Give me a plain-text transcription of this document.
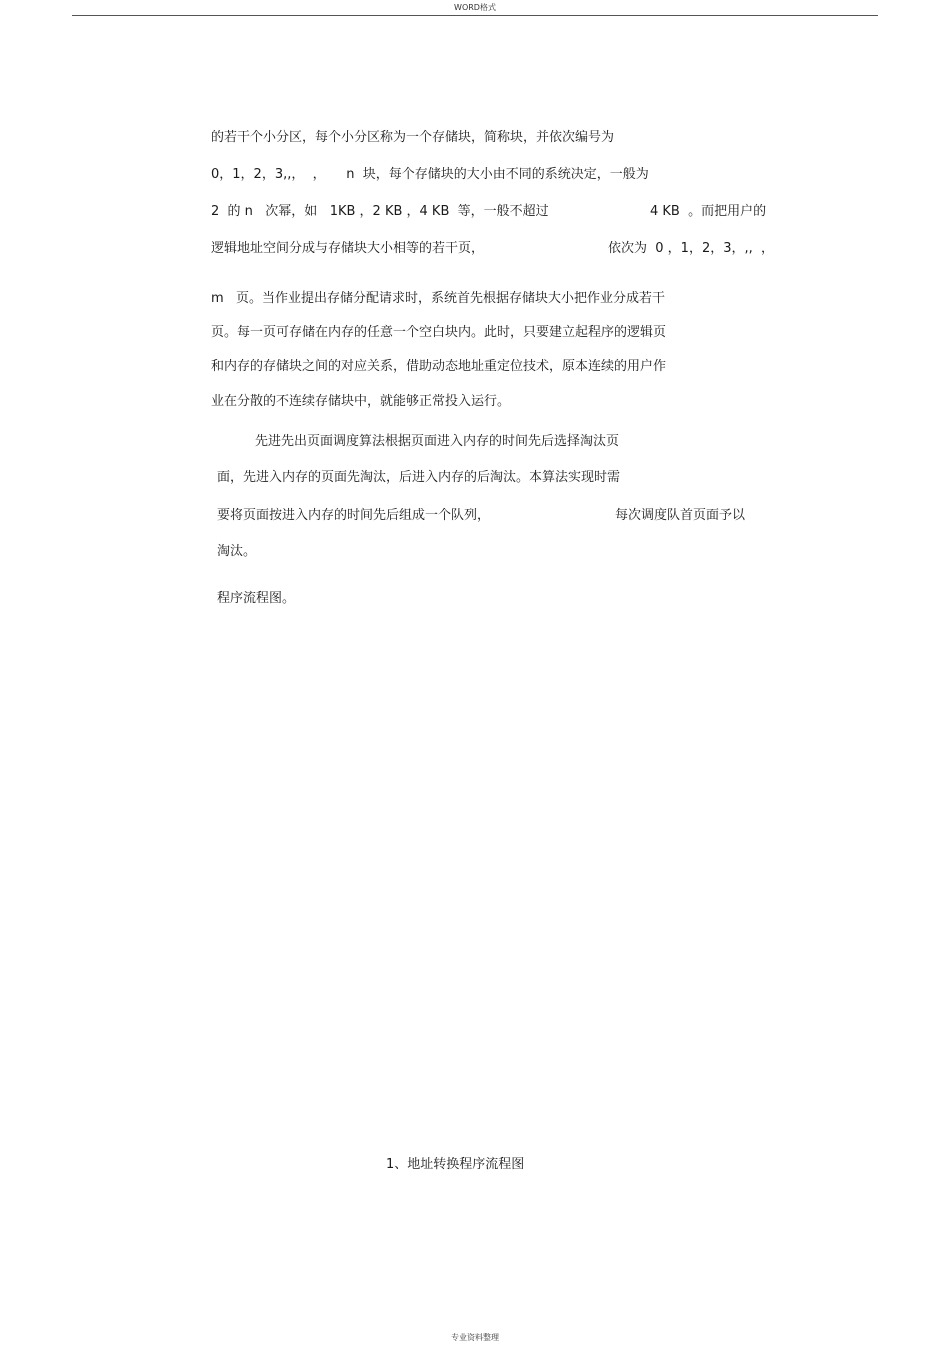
WORD格式
的若干个小分区，每个小分区称为一个存储块，简称块，并依次编号为
0，1，2，3,,，  ，     n  块，每个存储块的大小由不同的系统决定，一般为
2  的 n   次幂，如   1KB ，2 KB ，4 KB  等，一般不超过	4 KB  。而把用户的
逻辑地址空间分成与存储块大小相等的若干页，	依次为  0 ，1，2，3，,,  ，
m   页。当作业提出存储分配请求时，系统首先根据存储块大小把作业分成若干
页。每一页可存储在内存的任意一个空白块内。此时，只要建立起程序的逻辑页
和内存的存储块之间的对应关系，借助动态地址重定位技术，原本连续的用户作
业在分散的不连续存储块中，就能够正常投入运行。
先进先出页面调度算法根据页面进入内存的时间先后选择淘汰页
面，先进入内存的页面先淘汰，后进入内存的后淘汰。本算法实现时需
要将页面按进入内存的时间先后组成一个队列，	每次调度队首页面予以
淘汰。
程序流程图。
1、地址转换程序流程图
专业资料整理
